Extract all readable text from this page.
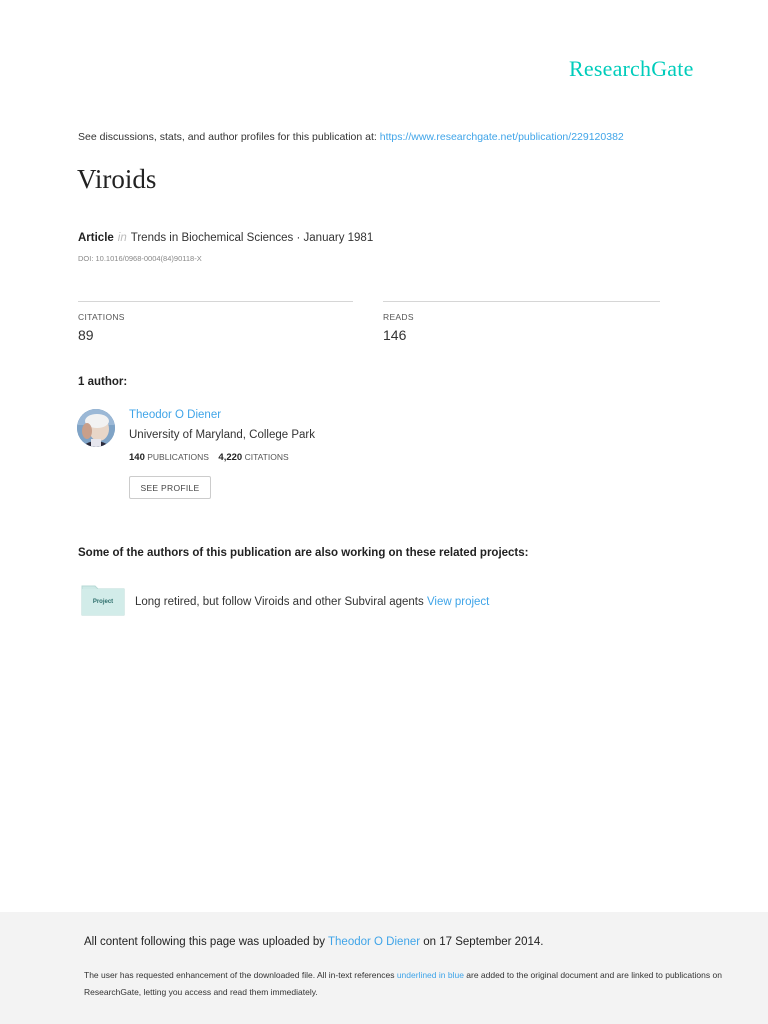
ResearchGate
See discussions, stats, and author profiles for this publication at: https://www.researchgate.net/publication/229120382
Viroids
Article in Trends in Biochemical Sciences · January 1981
DOI: 10.1016/0968-0004(84)90118-X
CITATIONS
89
READS
146
1 author:
Theodor O Diener
University of Maryland, College Park
140 PUBLICATIONS 4,220 CITATIONS
SEE PROFILE
Some of the authors of this publication are also working on these related projects:
Project	Long retired, but follow Viroids and other Subviral agents View project
All content following this page was uploaded by Theodor O Diener on 17 September 2014.
The user has requested enhancement of the downloaded file. All in-text references underlined in blue are added to the original document and are linked to publications on ResearchGate, letting you access and read them immediately.
